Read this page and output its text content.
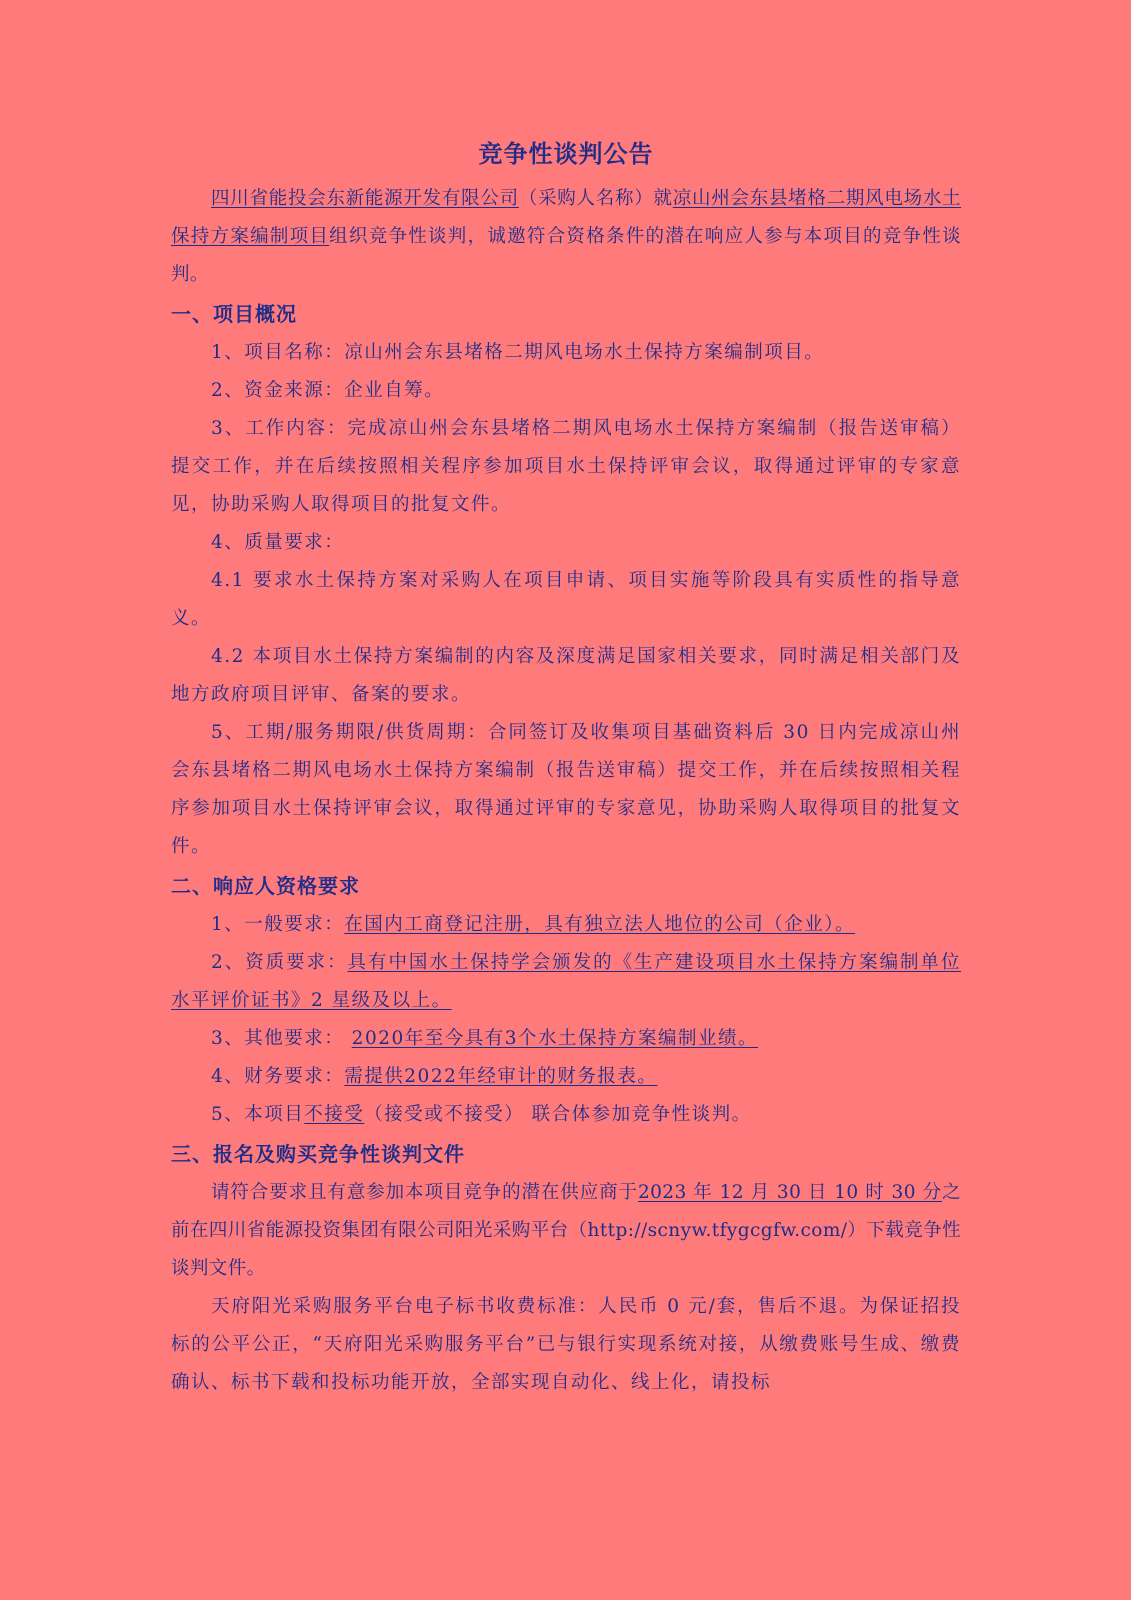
竞争性谈判公告

四川省能投会东新能源开发有限公司（采购人名称）就凉山州会东县堵格二期风电场水土保持方案编制项目组织竞争性谈判，诚邀符合资格条件的潜在响应人参与本项目的竞争性谈判。

一、项目概况

1、项目名称：凉山州会东县堵格二期风电场水土保持方案编制项目。

2、资金来源：企业自筹。

3、工作内容：完成凉山州会东县堵格二期风电场水土保持方案编制（报告送审稿）提交工作，并在后续按照相关程序参加项目水土保持评审会议，取得通过评审的专家意见，协助采购人取得项目的批复文件。

4、质量要求：

4.1 要求水土保持方案对采购人在项目申请、项目实施等阶段具有实质性的指导意义。

4.2 本项目水土保持方案编制的内容及深度满足国家相关要求，同时满足相关部门及地方政府项目评审、备案的要求。

5、工期/服务期限/供货周期：合同签订及收集项目基础资料后 30 日内完成凉山州会东县堵格二期风电场水土保持方案编制（报告送审稿）提交工作，并在后续按照相关程序参加项目水土保持评审会议，取得通过评审的专家意见，协助采购人取得项目的批复文件。

二、响应人资格要求

1、一般要求：在国内工商登记注册，具有独立法人地位的公司（企业）。

2、资质要求：具有中国水土保持学会颁发的《生产建设项目水土保持方案编制单位水平评价证书》2 星级及以上。

3、其他要求： 2020年至今具有3个水土保持方案编制业绩。

4、财务要求：需提供2022年经审计的财务报表。

5、本项目不接受（接受或不接受） 联合体参加竞争性谈判。

三、报名及购买竞争性谈判文件

请符合要求且有意参加本项目竞争的潜在供应商于2023 年 12 月 30 日 10 时 30 分之前在四川省能源投资集团有限公司阳光采购平台（http://scnyw.tfygcgfw.com/）下载竞争性谈判文件。

天府阳光采购服务平台电子标书收费标准：人民币 0 元/套，售后不退。为保证招投标的公平公正，“天府阳光采购服务平台”已与银行实现系统对接，从缴费账号生成、缴费确认、标书下载和投标功能开放，全部实现自动化、线上化，请投标
